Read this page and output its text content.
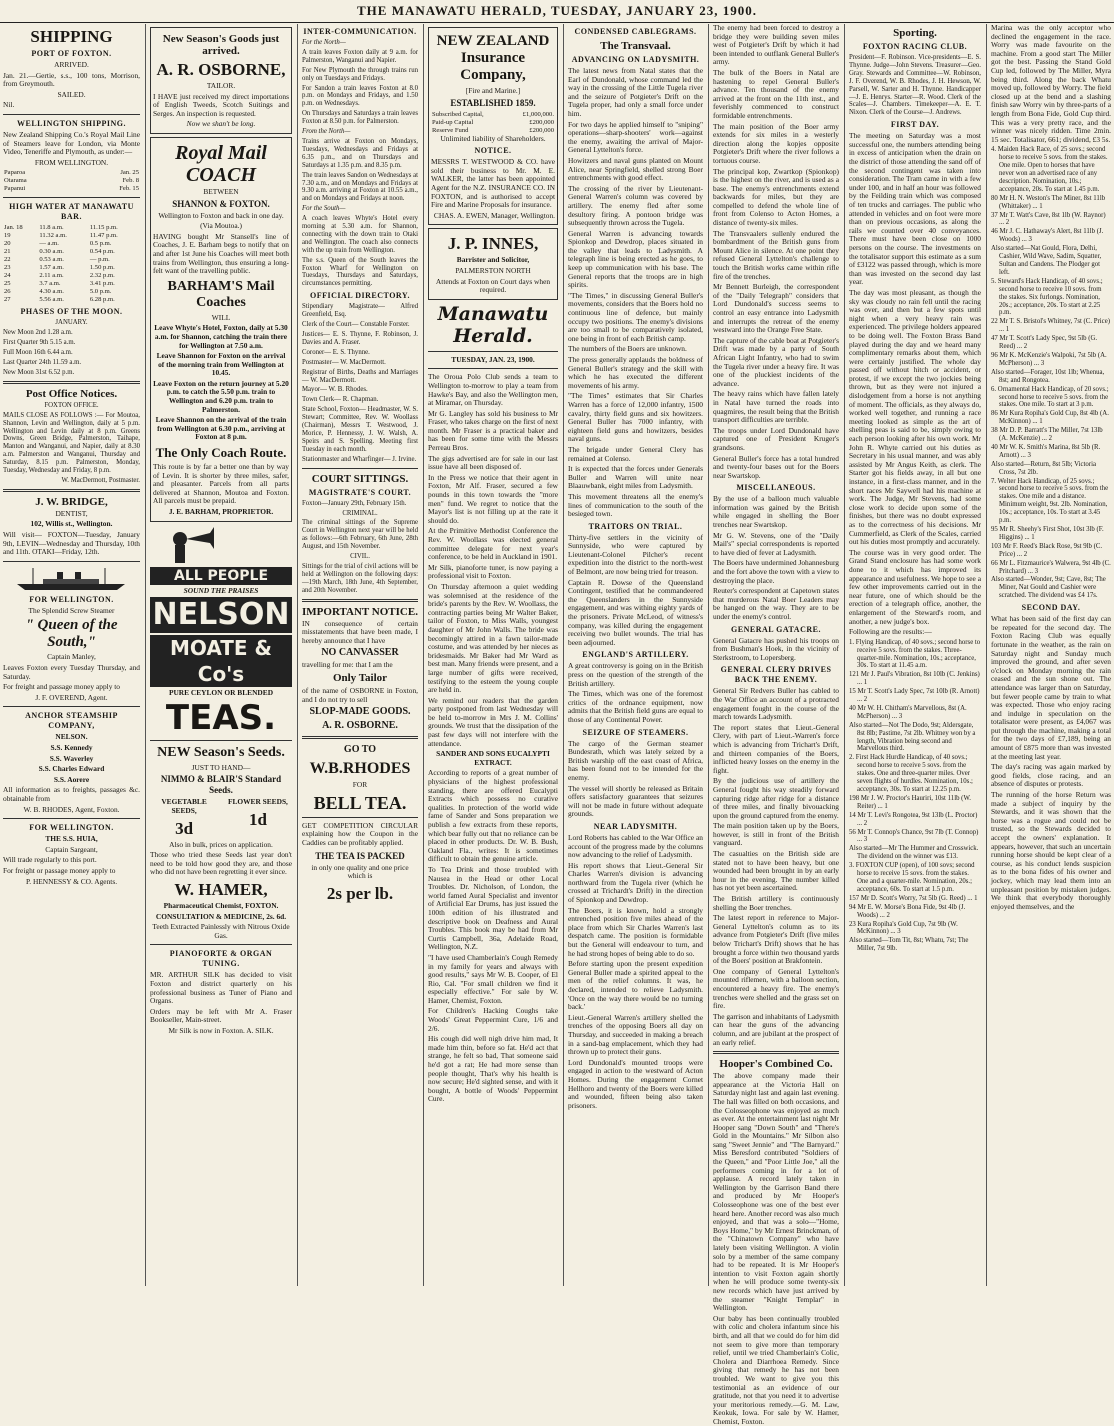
THE MANAWATU HERALD, TUESDAY, JANUARY 23, 1900.
SHIPPING
PORT OF FOXTON.

ARRIVED.

Jan. 21.—Gertie, s.s., 100 tons, Morrison, from Greymouth.

SAILED.

Nil.

WELLINGTON SHIPPING.

New Zealand Shipping Co.'s Royal Mail Line of Steamers leave for London, via Monte Video, Teneriffe and Plymouth, as under:—

FROM WELLINGTON.

Paparoa	Jan. 25
Otarama	Feb. 8
Papanui	Feb. 15
HIGH WATER AT MANAWATU BAR.
Jan. 18	11.8 a.m.	11.15 p.m.
19	11.32 a.m.	11.47 p.m.
20	— a.m.	0.5 p.m.
21	0.30 a.m.	0.54 p.m.
22	0.53 a.m.	— p.m.
23	1.57 a.m.	1.50 p.m.
24	2.11 a.m.	2.32 p.m.
25	3.7 a.m.	3.41 p.m.
26	4.30 a.m.	5.0 p.m.
27	5.56 a.m.	6.28 p.m.
PHASES OF THE MOON.

JANUARY.

New Moon 2nd 1.28 a.m.

First Quarter 9th 5.15 a.m.

Full Moon 16th 6.44 a.m.

Last Quarter 24th 11.59 a.m.

New Moon 31st 6.52 p.m.

Post Office Notices.

FOXTON OFFICE.

MAILS CLOSE AS FOLLOWS :— For Moutoa, Shannon, Levin and Wellington, daily at 5 p.m. Wellington and Levin daily at 8 p.m. Greens Downs, Green Bridge, Palmerston, Taihape, Manton and Wanganui, and Napier, daily at 8.30 a.m. Palmerston and Wanganui, Thursday and Saturday, 8.15 p.m. Palmerston, Monday, Tuesday, Wednesday and Friday, 8 p.m.

W. MacDermott, Postmaster.

J. W. BRIDGE,

DENTIST,

102, Willis st., Wellington.

Will visit— FOXTON—Tuesday, January 9th, LEVIN—Wednesday and Thursday, 10th and 11th. OTAKI—Friday, 12th.

FOR WELLINGTON.

The Splendid Screw Steamer

" Queen of the South,"

Captain Manley,

Leaves Foxton every Tuesday Thursday, and Saturday.

For freight and passage money apply to

J. F. OVEREND, Agent.

ANCHOR STEAMSHIP COMPANY,

NELSON.

S.S. Kennedy

S.S. Waverley

S.S. Charles Edward

S.S. Aorere

All information as to freights, passages &c. obtainable from

W. B. RHODES, Agent, Foxton.

FOR WELLINGTON.

THE S.S. HUIA,

Captain Sargeant,

Will trade regularly to this port.

For freight or passage money apply to

P. HENNESSY & CO. Agents.

New Season's Goods just arrived.
A. R. OSBORNE,

TAILOR.

I HAVE just received my direct importations of English Tweeds, Scotch Suitings and Serges. An inspection is requested.

Now we shan't be long.

Royal Mail COACH

BETWEEN

SHANNON & FOXTON.

Wellington to Foxton and back in one day.

(Via Moutoa.)

HAVING bought Mr Stansell's line of Coaches, J. E. Barham begs to notify that on and after 1st June his Coaches will meet both trains from Wellington, thus ensuring a long-felt want of the travelling public.

BARHAM'S Mail Coaches

WILL

Leave Whyte's Hotel, Foxton, daily at 5.30 a.m. for Shannon, catching the train there for Wellington at 7.50 a.m.

Leave Shannon for Foxton on the arrival of the morning train from Wellington at 10.45.

Leave Foxton on the return journey at 5.20 p.m. to catch the 5.50 p.m. train to Wellington and 6.20 p.m. train to Palmerston.

Leave Shannon on the arrival of the train from Wellington at 6.30 p.m., arriving at Foxton at 8 p.m.

The Only Coach Route.

This route is by far a better one than by way of Levin. It is shorter by three miles, safer, and pleasanter. Parcels from all parts delivered at Shannon, Moutoa and Foxton. All parcels must be prepaid.

J. E. BARHAM, PROPRIETOR.

ALL PEOPLE

SOUND THE PRAISES

NELSON
MOATE & Co's

PURE CEYLON OR BLENDED

TEAS.
NEW Season's Seeds.

JUST TO HAND—

NIMMO & BLAIR'S Standard Seeds.

VEGETABLE SEEDS,

3d

FLOWER SEEDS,

1d

Also in bulk, prices on application.

Those who tried these Seeds last year don't need to be told how good they are, and those who did not have been regretting it ever since.

W. HAMER,

Pharmaceutical Chemist, FOXTON.

CONSULTATION & MEDICINE, 2s. 6d.

Teeth Extracted Painlessly with Nitrous Oxide Gas.

PIANOFORTE & ORGAN TUNING.

MR. ARTHUR SILK has decided to visit Foxton and district quarterly on his professional business as Tuner of Piano and Organs.

Orders may be left with Mr A. Fraser Bookseller, Main-street.

Mr Silk is now in Foxton. A. SILK.

INTER-COMMUNICATION.

For the North—

A train leaves Foxton daily at 9 a.m. for Palmerston, Wanganui and Napier.

For New Plymouth the through trains run only on Tuesdays and Fridays.

For Sandon a train leaves Foxton at 8.0 p.m. on Mondays and Fridays, and 1.50 p.m. on Wednesdays.

On Thursdays and Saturdays a train leaves Foxton at 8.50 p.m. for Palmerston.

From the North—

Trains arrive at Foxton on Mondays, Tuesdays, Wednesdays and Fridays at 6.35 p.m., and on Thursdays and Saturdays at 1.35 p.m. and 8.35 p.m.

The train leaves Sandon on Wednesdays at 7.30 a.m., and on Mondays and Fridays at 9.30 a.m. arriving at Foxton at 10.55 a.m., and on Mondays and Fridays at noon.

For the South—

A coach leaves Whyte's Hotel every morning at 5.30 a.m. for Shannon, connecting with the down train to Otaki and Wellington. The coach also connects with the up train from Wellington.

The s.s. Queen of the South leaves the Foxton Wharf for Wellington on Tuesdays, Thursdays and Saturdays, circumstances permitting.

OFFICIAL DIRECTORY.

Stipendiary Magistrate— Alfred Greenfield, Esq.

Clerk of the Court— Constable Forster.

Justices— E. S. Thynne, F. Robinson, J. Davies and A. Fraser.

Coroner— E. S. Thynne.

Postmaster— W. MacDermott.

Registrar of Births, Deaths and Marriages— W. MacDermott.

Mayor— W. B. Rhodes.

Town Clerk— R. Chapman.

State School, Foxton— Headmaster, W. S. Stewart; Committee, Rev. W. Woollass (Chairman), Messrs T. Westwood, J. Morice, P. Hennessy, J. W. Walsh, A. Speirs and S. Spelling. Meeting first Tuesday in each month.

Stationmaster and Wharfinger— J. Irvine.

COURT SITTINGS.
MAGISTRATE'S COURT.

Foxton—January 29th, February 15th.

CRIMINAL.

The criminal sittings of the Supreme Court in Wellington next year will be held as follows:—6th February, 6th June, 28th August, and 15th November.

CIVIL.

Sittings for the trial of civil actions will be held at Wellington on the following days:—19th March, 18th June, 4th September, and 20th November.

IMPORTANT NOTICE.

IN consequence of certain misstatements that have been made, I hereby announce that I have

NO CANVASSER

travelling for me: that I am the

Only Tailor

of the name of OSBORNE in Foxton, and I do not try to sell

SLOP-MADE GOODS.

A. R. OSBORNE.

GO TO

W.B.RHODES

FOR

BELL TEA.

GET COMPETITION CIRCULAR explaining how the Coupon in the Caddies can be profitably applied.

THE TEA IS PACKED

in only one quality and one price which is

2s per lb.
NEW ZEALAND Insurance Company,

[Fire and Marine.]

ESTABLISHED 1859.

Subscribed Capital,	£1,000,000.
Paid-up Capital	£200,000
Reserve Fund	£200,000

Unlimited liability of Shareholders.

NOTICE.

MESSRS T. WESTWOOD & CO. have sold their business to Mr. M. E. WALKER, the latter has been appointed Agent for the N.Z. INSURANCE CO. IN FOXTON, and is authorised to accept Fire and Marine Proposals for insurance.

CHAS. A. EWEN, Manager, Wellington.

J. P. INNES,

Barrister and Solicitor,

PALMERSTON NORTH

Attends at Foxton on Court days when required.

Manawatu Herald.

TUESDAY, JAN. 23, 1900.

The Oroua Polo Club sends a team to Wellington to-morrow to play a team from Hawke's Bay, and also the Wellington men, at Miramar, on Thursday.

Mr G. Langley has sold his business to Mr Fraser, who takes charge on the first of next month. Mr Fraser is a practical baker and has been for some time with the Messrs Perreau Bros.

The gigs advertised are for sale in our last issue have all been disposed of.

In the Press we notice that their agent in Foxton, Mr Alf. Fraser, secured a few pounds in this town towards the "more men" fund. We regret to notice that the Mayor's list is not filling up at the rate it should do.

At the Primitive Methodist Conference the Rev. W. Woollass was elected general committee delegate for next year's conference, to be held in Auckland in 1901.

Mr Silk, pianoforte tuner, is now paying a professional visit to Foxton.

On Thursday afternoon a quiet wedding was solemnised at the residence of the bride's parents by the Rev. W. Woollass, the contracting parties being Mr Walter Baker, tailor of Foxton, to Miss Walls, youngest daughter of Mr John Walls. The bride was becomingly attired in a fawn tailor-made costume, and was attended by her nieces as bridesmaids. Mr Baker had Mr Ward as best man. Many friends were present, and a large number of gifts were received, testifying to the esteem the young couple are held in.

We remind our readers that the garden party postponed from last Wednesday will be held to-morrow in Mrs J. M. Collins' grounds. We trust that the dissipation of the past few days will not interfere with the attendance.

SANDER AND SONS EUCALYPTI EXTRACT.

According to reports of a great number of physicians of the highest professional standing, there are offered Eucalypti Extracts which possess no curative qualities. In protection of the world wide fame of Sander and Sons preparation we publish a few extracts from these reports, which bear fully out that no reliance can be placed in other products. Dr. W. B. Bush, Oakland Fla., writes: It is sometimes difficult to obtain the genuine article.

To Tea Drink and those troubled with Nausea in the Head or other Local Troubles. Dr. Nicholson, of London, the world famed Aural Specialist and inventor of Artificial Ear Drums, has just issued the 100th edition of his illustrated and descriptive book on Deafness and Aural Troubles. This book may be had from Mr Curtis Campbell, 36a, Adelaide Road, Wellington, N.Z.

"I have used Chamberlain's Cough Remedy in my family for years and always with good results," says Mr W. B. Cooper, of El Rio, Cal. "For small children we find it especially effective." For sale by W. Hamer, Chemist, Foxton.

For Children's Hacking Coughs take Woods' Great Peppermint Cure, 1/6 and 2/6.

His cough did well nigh drive him mad, It made him thin, before so fat. He'd act that strange, he felt so bad, That someone said he'd got a rat; He had more sense than people thought, That's why his health is now secure; He'd sighted sense, and with it bought, A bottle of Woods' Peppermint Cure.

CONDENSED CABLEGRAMS.
The Transvaal.
ADVANCING ON LADYSMITH.

The latest news from Natal states that the Earl of Dundonald, whose command led the way in the crossing of the Little Tugela river and the seizure of Potgieter's Drift on the Tugela proper, had only a small force under him.

For two days he applied himself to "sniping" operations—sharp-shooters' work—against the enemy, awaiting the arrival of Major-General Lyttelton's force.

Howitzers and naval guns planted on Mount Alice, near Springfield, shelled strong Boer entrenchments with good effect.

The crossing of the river by Lieutenant-General Warren's column was covered by artillery. The enemy fled after some desultory firing. A pontoon bridge was subsequently thrown across the Tugela.

General Warren is advancing towards Spionkop and Dewdrop, places situated in the valley that leads to Ladysmith. A telegraph line is being erected as he goes, to keep up communication with his base. The General reports that the troops are in high spirits.

"The Times," in discussing General Buller's movements, considers that the Boers hold no continuous line of defence, but mainly occupy two positions. The enemy's divisions are too small to be comparatively isolated, one being in front of each British camp.

The numbers of the Boers are unknown.

The press generally applauds the boldness of General Buller's strategy and the skill with which he has executed the different movements of his army.

"The Times" estimates that Sir Charles Warren has a force of 12,000 infantry, 1500 cavalry, thirty field guns and six howitzers. General Buller has 7000 infantry, with eighteen field guns and howitzers, besides naval guns.

The brigade under General Clery has remained at Colenso.

It is expected that the forces under Generals Buller and Warren will unite near Blaauwbank, eight miles from Ladysmith.

This movement threatens all the enemy's lines of communication to the south of the besieged town.

TRAITORS ON TRIAL.

Thirty-five settlers in the vicinity of Sunnyside, who were captured by Lieutenant-Colonel Pilcher's recent expedition into the district to the north-west of Belmont, are now being tried for treason.

Captain R. Dowse of the Queensland Contingent, testified that he commandeered the Queenslanders in the Sunnyside engagement, and was withing eighty yards of the prisoners. Private McLeod, of witness's company, was killed during the engagement receiving two bullet wounds. The trial has been adjourned.

ENGLAND'S ARTILLERY.

A great controversy is going on in the British press on the question of the strength of the British artillery.

The Times, which was one of the foremost critics of the ordnance equipment, now admits that the British field guns are equal to those of any Continental Power.

SEIZURE OF STEAMERS.

The cargo of the German steamer Bundesrath, which was lately seized by a British warship off the east coast of Africa, has been found not to be intended for the enemy.

The vessel will shortly be released as Britain offers satisfactory guarantees that seizures will not be made in future without adequate grounds.

NEAR LADYSMITH.

Lord Roberts has cabled to the War Office an account of the progress made by the columns now advancing to the relief of Ladysmith.

His report shows that Lieut.-General Sir Charles Warren's division is advancing northward from the Tugela river (which he crossed at Trichardt's Drift) in the direction of Spionkop and Dewdrop.

The Boers, it is known, hold a strongly entrenched position five miles ahead of the place from which Sir Charles Warren's last despatch came. The position is formidable but the General will endeavour to turn, and he had strong hopes of being able to do so.

Before starting upon the present expedition General Buller made a spirited appeal to the men of the relief columns. It was, he declared, intended to relieve Ladysmith. 'Once on the way there would be no turning back.'

Lieut.-General Warren's artillery shelled the trenches of the opposing Boers all day on Thursday, and succeeded in making a breach in a sand-bag emplacement, which they had thrown up to protect their guns.

Lord Dundonald's mounted troops were engaged in action to the westward of Acton Homes. During the engagement Cornet Hellhoro and twenty of the Boers were killed and wounded, fifteen being also taken prisoners.

The enemy had been forced to destroy a bridge they were building seven miles west of Potgieter's Drift by which it had been intended to outflank General Buller's army.

The bulk of the Boers in Natal are hastening to repel General Buller's advance. Ten thousand of the enemy arrived at the front on the 11th inst., and feverishly commenced to construct formidable entrenchments.

The main position of the Boer army extends for six miles in a westerly direction along the kopjes opposite Potgieter's Drift where the river follows a tortuous course.

The principal kop, Zwartkop (Spionkop) is the highest on the river, and is used as a base. The enemy's entrenchments extend backwards for miles, but they are compelled to defend the whole line of front from Colenso to Acton Homes, a distance of twenty-six miles.

The Transvaalers sullenly endured the bombardment of the British guns from Mount Alice in silence. At one point they refused General Lyttelton's challenge to touch the British works came within rifle fire of the trenches.

Mr Bennett Burleigh, the correspondent of the "Daily Telegraph" considers that Lord Dundonald's success seems to control an easy entrance into Ladysmith and interrupts the retreat of the enemy westward into the Orange Free State.

The capture of the cable boat at Potgieter's Drift was made by a party of South African Light Infantry, who had to swim the Tugela river under a heavy fire. It was one of the pluckiest incidents of the advance.

The heavy rains which have fallen lately in Natal have turned the roads into quagmires, the result being that the British transport difficulties are terrible.

The troops under Lord Dundonald have captured one of President Kruger's grandsons.

General Buller's force has a total hundred and twenty-four bases out for the Boers near Swartskop.

MISCELLANEOUS.

By the use of a balloon much valuable information was gained by the British while engaged in shelling the Boer trenches near Swartskop.

Mr G. W. Stevens, one of the "Daily Mail's" special correspondents is reported to have died of fever at Ladysmith.

The Boers have undermined Johannesburg and the fort above the town with a view to destroying the place.

Reuter's correspondent at Capetown states that murderous Natal Boer Leaders may be hanged on the way. They are to be under the enemy's control.

GENERAL GATACRE.

General Gatacre has pushed his troops on from Bushman's Hoek, in the vicinity of Sterkstroom, to Lopersberg.

GENERAL CLERY DRIVES BACK THE ENEMY.

General Sir Redvers Buller has cabled to the War Office an account of a protracted engagement fought in the course of the march towards Ladysmith.

The report states that Lieut.-General Clery, with part of Lieut.-Warren's force which is advancing from Trichart's Drift, and thirteen companies of the Boers, inflicted heavy losses on the enemy in the fight.

By the judicious use of artillery the General fought his way steadily forward capturing ridge after ridge for a distance of three miles, and finally bivouacking upon the ground captured from the enemy.

The main position taken up by the Boers, however, is still in front of the British vanguard.

The casualties on the British side are stated not to have been heavy, but one wounded had been brought in by an early hour in the evening. The number killed has not yet been ascertained.

The British artillery is continuously shelling the Boer trenches.

The latest report in reference to Major-General Lyttelton's column as to its advance from Potgieter's Drift (five miles below Trichart's Drift) shows that he has brought a force within two thousand yards of the Boers' position at Brakfontein.

One company of General Lyttelton's mounted riflemen, with a balloon section, encountered a heavy fire. The enemy's trenches were shelled and the grass set on fire.

The garrison and inhabitants of Ladysmith can hear the guns of the advancing column, and are jubilant at the prospect of an early relief.

Hooper's Combined Co.

The above company made their appearance at the Victoria Hall on Saturday night last and again last evening. The hall was filled on both occasions, and the Colosseophone was enjoyed as much as ever. At the entertainment last night Mr Hooper sang "Down South" and "There's Gold in the Mountains." Mr Silbon also sang "Sweet Jennie" and "The Barnyard." Miss Beresford contributed "Soldiers of the Queen," and "Poor Little Joe," all the performers coming in for a lot of applause. A record lately taken in Wellington by the Garrison Band there and produced by Mr Hooper's Colosseophone was one of the best ever heard here. Another record was also much enjoyed, and that was a solo—"Home, Boys Home," by Mr Ernest Brinckman, of the "Chinatown Company" who have lately been visiting Wellington. A violin solo by a member of the same company had to be repeated. It is Mr Hooper's intention to visit Foxton again shortly when he will produce some twenty-six new records which have just arrived by the steamer "Knight Templar" in Wellington.

Our baby has been continually troubled with colic and cholera infantum since his birth, and all that we could do for him did not seem to give more than temporary relief, until we tried Chamberlain's Colic, Cholera and Diarrhoea Remedy. Since giving that remedy he has not been troubled. We want to give you this testimonial as an evidence of our gratitude, not that you need it to advertise your meritorious remedy.—G. M. Law, Keokuk, Iowa. For sale by W. Hamer, Chemist, Foxton.

Sporting.
FOXTON RACING CLUB.

President—F. Robinson. Vice-presidents—E. S. Thynne. Judge—John Stevens. Treasurer—Geo. Gray. Stewards and Committee—W. Robinson, J. F. Overend, W. B. Rhodes, J. H. Hewson, W. Parsell, W. Sarter and H. Thynne. Handicapper—J. E. Henrys. Starter—R. Wood. Clerk of the Scales—J. Chambers. Timekeeper—A. E. T. Nixon. Clerk of the Course—J. Andrews.

FIRST DAY.

The meeting on Saturday was a most successful one, the numbers attending being in excess of anticipation when the drain on the district of those attending the sand off of the second contingent was taken into consideration. The Tram came in with a few under 100, and in half an hour was followed by the Feilding train which was composed of ten trucks and carriages. The public who attended in vehicles and on foot were more than on previous occasions, as along the rails we counted over 40 conveyances. There must have been close on 1000 persons on the course. The investments on the totalisator support this estimate as a sum of £3122 was passed through, which is more than was invested on the second day last year.

The day was most pleasant, as though the sky was cloudy no rain fell until the racing was over, and then but a few spots until night when a very heavy rain was experienced. The privilege holders appeared to be doing well. The Foxton Brass Band played during the day and we heard many complimentary remarks about them, which were certainly justified. The whole day passed off without hitch or accident, or protest, if we except the two jockies being thrown, but as they were not injured a dislodgement from a horse is not anything of moment. The officials, as they always do, worked well together, and running a race meeting looked as simple as the art of shelling peas is said to be, simply owing to each person looking after his own work. Mr John R. Whyte carried out his duties as Secretary in his usual manner, and was ably assisted by Mr Angus Keith, as clerk. The Starter got his fields away, in all but one instance, in a first-class manner, and in the short races Mr Saywell had his machine at work. The Judge, Mr Stevens, had some close work to decide upon some of the finishes, but there was no doubt expressed as to the correctness of his decisions. Mr Cummerfield, as Clerk of the Scales, carried out his duties most promptly and accurately.

The course was in very good order. The Grand Stand enclosure has had some work done to it which has improved its appearance and usefulness. We hope to see a few other improvements carried out in the near future, one of which should be the erection of a telegraph office, another, the enlargement of the Steward's room, and another, a new judge's box.

Following are the results:—

1. Flying Handicap, of 40 sovs.; second horse to receive 5 sovs. from the stakes. Three-quarter-mile. Nomination, 10s.; acceptance, 30s. To start at 11.45 a.m.

121 Mr J. Paul's Vibration, 8st 10lb (C. Jenkins) ... 1

15 Mr T. Scott's Lady Spec, 7st 10lb (R. Arnott) ... 2

40 Mr W. H. Chitham's Marvellous, 8st (A. McPherson) ... 3

Also started—Not The Dodo, 9st; Aldersgate, 8st 8lb; Pastime, 7st 2lb. Whitney won by a length, Vibration being second and Marvellous third.

2. First Hack Hurdle Handicap, of 40 sovs.; second horse to receive 5 sovs. from the stakes. One and three-quarter miles. Over seven flights of hurdles. Nomination, 10s.; acceptance, 30s. To start at 12.25 p.m.

198 Mr J. W. Proctor's Hauriri, 10st 11lb (W. Reiter) ... 1

14 Mr T. Levi's Rongotea, 9st 13lb (L. Proctor) ... 2

56 Mr T. Connop's Chance, 9st 7lb (T. Connop) ... 3

Also started—Mr The Hummer and Crosswick. The dividend on the winner was £13.

3. FOXTON CUP (open), of 100 sovs; second horse to receive 15 sovs. from the stakes. One and a quarter-mile. Nomination, 20s.; acceptance, 60s. To start at 1.5 p.m.

157 Mr D. Scott's Worry, 7st 5lb (G. Reed) ... 1

94 Mr E. W. Morse's Bona Fide, 9st 4lb (J. Woods) ... 2

23 Kura Ropiha's Gold Cup, 7st 9lb (W. McKinnon) ... 3

Also started—Tom Tit, 8st; Whatu, 7st; The Miller, 7st 9lb.

Marina was the only acceptor who declined the engagement in the race. Worry was made favourite on the machine. From a good start The Miller got the best. Passing the Stand Gold Cup led, followed by The Miller, Myra being third. Along the back Whatu moved up, followed by Worry. The field closed up at the bend and a slashing finish saw Worry win by three-parts of a length from Bona Fide, Gold Cup third. This was a very pretty race, and the winner was nicely ridden. Time 2min. 15 sec. Totalisator, 661; dividend, £3 5s.

4. Maiden Hack Race, of 25 sovs.; second horse to receive 5 sovs. from the stakes. One mile. Open to horses that have never won an advertised race of any description. Nomination, 10s.; acceptance, 20s. To start at 1.45 p.m.

80 Mr H. N. Weston's The Miner, 8st 11lb (Whittaker) ... 1

37 Mr T. Watt's Cave, 8st 1lb (W. Raynor) ... 2

46 Mr J. C. Hathaway's Alert, 8st 11lb (J. Woods) ... 3

Also started—Nat Gould, Flora, Delhi, Cashier, Wild Wave, Sadim, Squatter, Sultan and Candens. The Plodger got left.

5. Steward's Hack Handicap, of 40 sovs.; second horse to receive 10 sovs. from the stakes. Six furlongs. Nomination, 20s.; acceptance, 20s. To start at 2.25 p.m.

22 Mr T. S. Bristol's Whitney, 7st (C. Price) ... 1

47 Mr T. Scott's Lady Spec, 9st 5lb (G. Reed) ... 2

96 Mr K. McKenzie's Walpoki, 7st 5lb (A. McPherson) ... 3

Also started—Forager, 10st 1lb; Whenua, 8st; and Rongotea.

6. Ornamental Hack Handicap, of 20 sovs.; second horse to receive 5 sovs. from the stakes. One mile. To start at 3 p.m.

86 Mr Kura Ropiha's Gold Cup, 8st 4lb (A. McKinnon) ... 1

38 Mr D. P. Barratt's The Miller, 7st 13lb (A. McKenzie) ... 2

40 Mr W. K. Smith's Marina, 8st 5lb (R. Arnott) ... 3

Also started—Return, 8st 5lb; Victoria Cross, 7st 2lb.

7. Welter Hack Handicap, of 25 sovs.; second horse to receive 5 sovs. from the stakes. One mile and a distance. Minimum weight, 9st. 2lb. Nomination, 10s.; acceptance, 10s. To start at 3.45 p.m.

95 Mr R. Sheehy's First Shot, 10st 3lb (F. Higgins) ... 1

103 Mr F. Reed's Black Rose, 9st 9lb (C. Price) ... 2

66 Mr L. Fitzmaurice's Walwera, 9st 4lb (C. Pritchard) ... 3

Also started—Wonder, 9st; Cave, 8st; The Miner, Nat Gould and Cashier were scratched. The dividend was £4 17s.

SECOND DAY.

What has been said of the first day can be repeated for the second day. The Foxton Racing Club was equally fortunate in the weather, as the rain on Saturday night and Sunday much improved the ground, and after seven o'clock on Monday morning the rain ceased and the sun shone out. The attendance was larger than on Saturday, but fewer people came by train to what was expected. Those who enjoy racing and indulge in speculation on the totalisator were present, as £4,067 was put through the machine, making a total for the two days of £7,189, being an amount of £875 more than was invested at the meeting last year.

The day's racing was again marked by good fields, close racing, and an absence of disputes or protests.

The running of the horse Return was made a subject of inquiry by the Stewards, and it was shown that the horse was a rogue and could not be trusted, so the Stewards decided to accept the owners' explanation. It appears, however, that such an uncertain running horse should be kept clear of a course, as his conduct lends suspicion as to the bona fides of his owner and jockey, which may lead them into an unpleasant position by mistaken judges. We think that everybody thoroughly enjoyed themselves, and the
